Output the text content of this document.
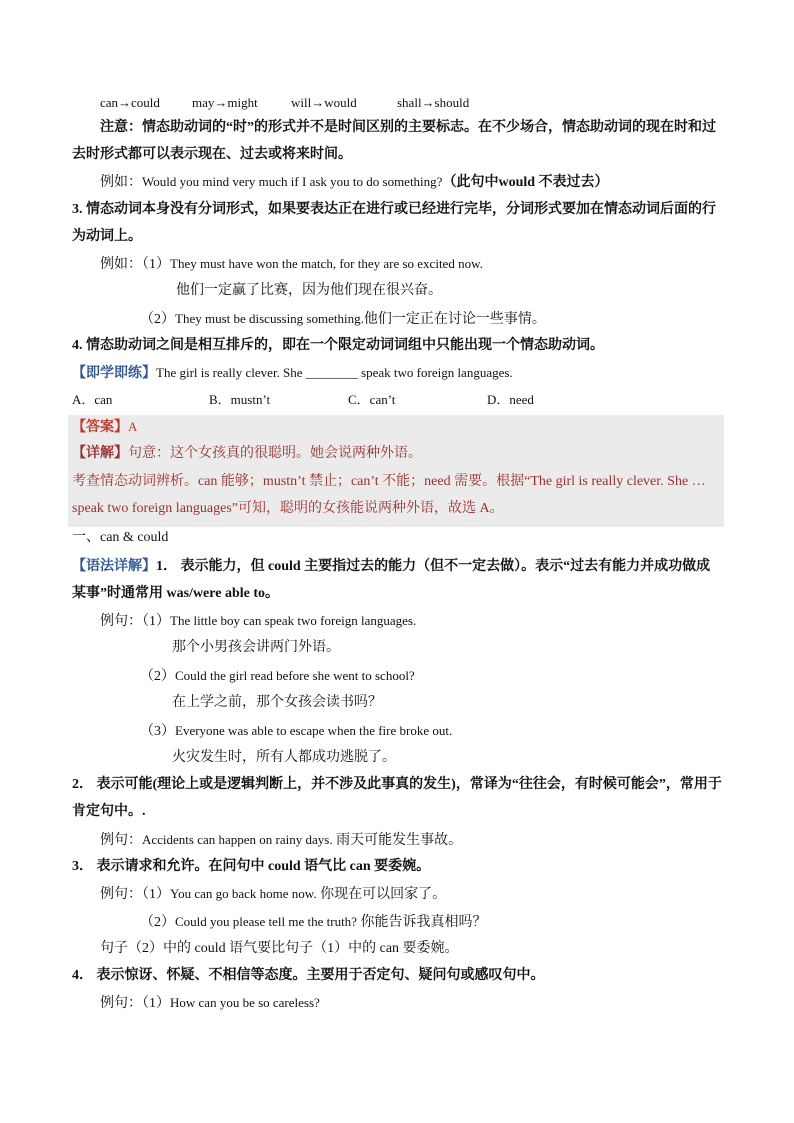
can→could may→might	will→would	shall→should
注意：情态助动词的“时”的形式并不是时间区别的主要标志。在不少场合，情态助动词的现在时和过
去时形式都可以表示现在、过去或将来时间。
例如：Would you mind very much if I ask you to do something?（此句中would 不表过去）
3. 情态动词本身没有分词形式，如果要表达正在进行或已经进行完毕，分词形式要加在情态动词后面的行
为动词上。
例如：（1）They must have won the match, for they are so excited now.
他们一定赢了比赛，因为他们现在很兴奋。
（2）They must be discussing something.他们一定正在讨论一些事情。
4. 情态助动词之间是相互排斥的，即在一个限定动词词组中只能出现一个情态助动词。
【即学即练】The girl is really clever. She ________ speak two foreign languages.
A．can	B．mustn’t	C．can’t	D．need
【答案】A
【详解】句意：这个女孩真的很聪明。她会说两种外语。
考查情态动词辨析。can 能够；mustn’t 禁止；can’t 不能；need 需要。根据“The girl is really clever. She …
speak two foreign languages”可知，聪明的女孩能说两种外语，故选 A。
一、can & could
【语法详解】1． 表示能力，但 could 主要指过去的能力（但不一定去做）。表示“过去有能力并成功做成
某事”时通常用 was/were able to。
例句：（1）The little boy can speak two foreign languages.
那个小男孩会讲两门外语。
（2）Could the girl read before she went to school?
在上学之前，那个女孩会读书吗？
（3）Everyone was able to escape when the fire broke out.
火灾发生时，所有人都成功逃脱了。
2． 表示可能(理论上或是逻辑判断上，并不涉及此事真的发生)，常译为“往往会，有时候可能会”，常用于
肯定句中。.
例句：Accidents can happen on rainy days. 雨天可能发生事故。
3． 表示请求和允许。在问句中 could 语气比 can 要委婉。
例句：（1）You can go back home now. 你现在可以回家了。
（2）Could you please tell me the truth? 你能告诉我真相吗？
句子（2）中的 could 语气要比句子（1）中的 can 要委婉。
4． 表示惊讶、怀疑、不相信等态度。主要用于否定句、疑问句或感叹句中。
例句：（1）How can you be so careless?
